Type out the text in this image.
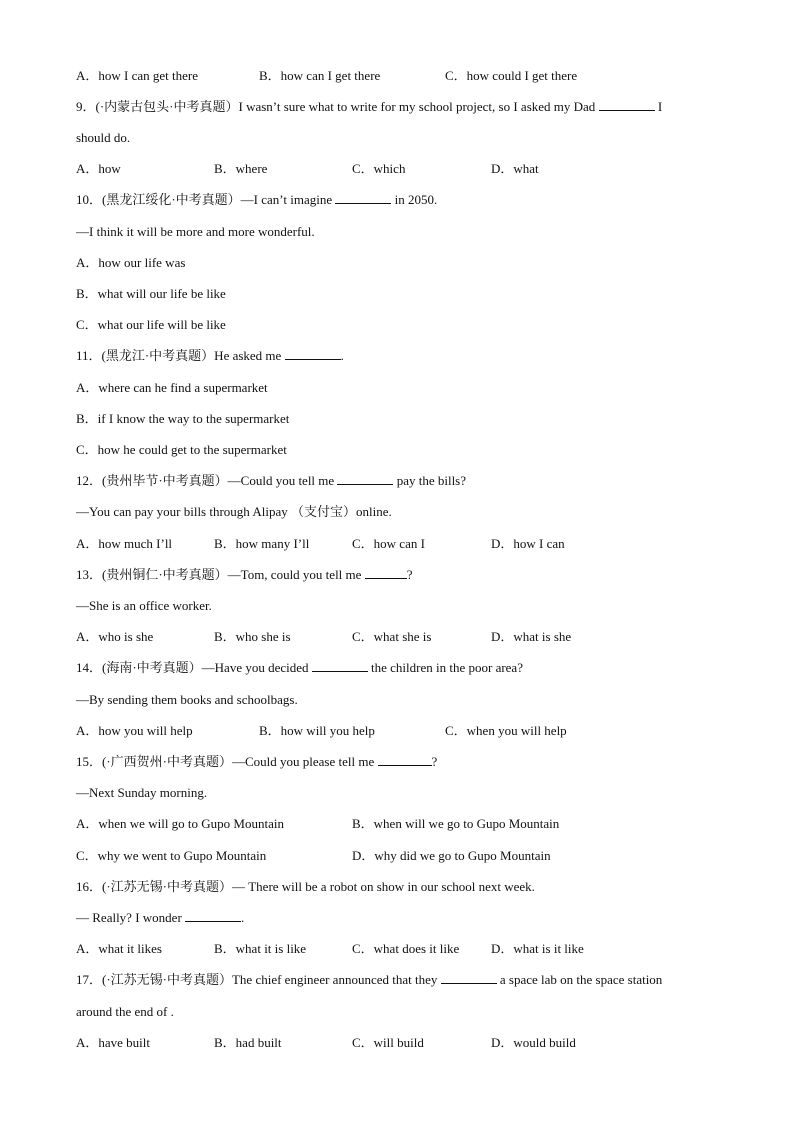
A．how I can get there	B．how can I get there	C．how could I get there
9．(·内蒙古包头·中考真题）I wasn’t sure what to write for my school project, so I asked my Dad	I
should do.
A．how	B．where	C．which	D．what
10．(黑龙江绥化·中考真题）—I can’t imagine	in 2050.
—I think it will be more and more wonderful.
A．how our life was
B．what will our life be like
C．what our life will be like
11．(黑龙江·中考真题）He asked me	.
A．where can he find a supermarket
B．if I know the way to the supermarket
C．how he could get to the supermarket
12．(贵州毕节·中考真题）—Could you tell me	pay the bills?
—You can pay your bills through Alipay （支付宝）online.
A．how much I’ll	B．how many I’ll	C．how can I	D．how I can
13．(贵州铜仁·中考真题）—Tom, could you tell me	?
—She is an office worker.
A．who is she	B．who she is	C．what she is	D．what is she
14．(海南·中考真题）—Have you decided	the children in the poor area?
—By sending them books and schoolbags.
A．how you will help	B．how will you help	C．when you will help
15．(·广西贺州·中考真题）—Could you please tell me	?
—Next Sunday morning.
A．when we will go to Gupo Mountain	B．when will we go to Gupo Mountain
C．why we went to Gupo Mountain	D．why did we go to Gupo Mountain
16．(·江苏无锡·中考真题）— There will be a robot on show in our school next week.
— Really? I wonder	.
A．what it likes	B．what it is like	C．what does it like D．what is it like
17．(·江苏无锡·中考真题）The chief engineer announced that they	a space lab on the space station
around the end of .
A．have built	B．had built	C．will build	D．would build
